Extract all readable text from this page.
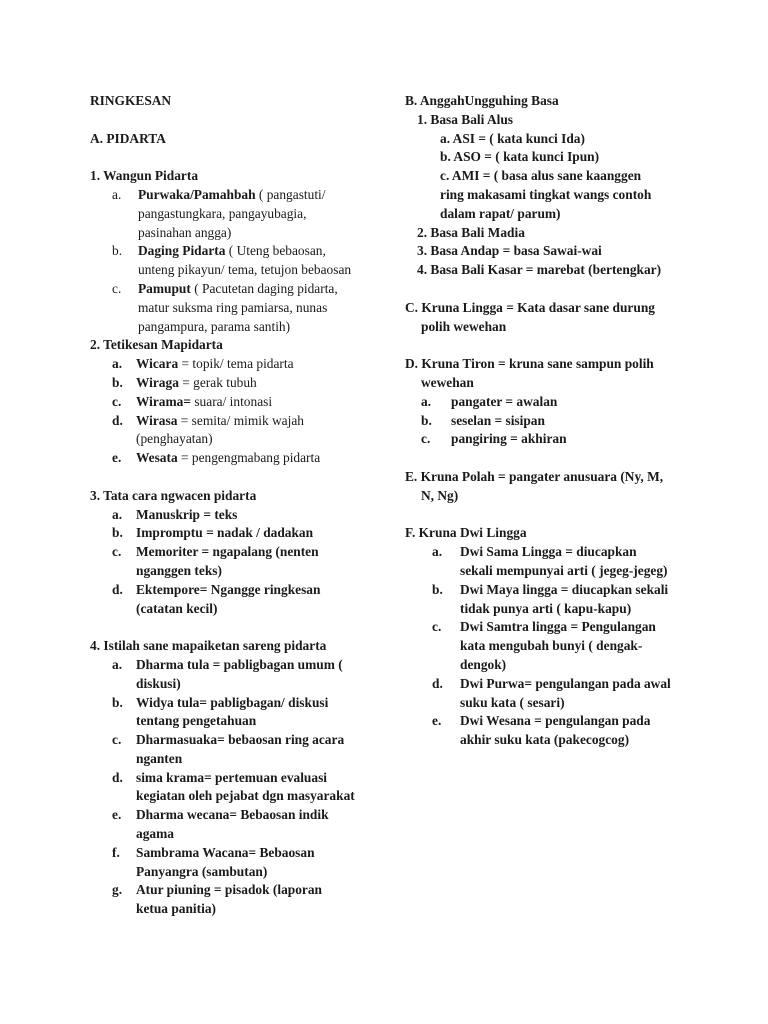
RINGKESAN
A. PIDARTA
1. Wangun Pidarta
a.	Purwaka/Pamahbah ( pangastuti/
pangastungkara, pangayubagia,
pasinahan angga)
b.	Daging Pidarta ( Uteng bebaosan,
unteng pikayun/ tema, tetujon bebaosan
c.	Pamuput ( Pacutetan daging pidarta,
matur suksma ring pamiarsa, nunas
pangampura, parama santih)
2. Tetikesan Mapidarta
a.	Wicara = topik/ tema pidarta
b. Wiraga = gerak tubuh
c.	Wirama= suara/ intonasi
d. Wirasa = semita/ mimik wajah
(penghayatan)
e.	Wesata = pengengmabang pidarta
3. Tata cara ngwacen pidarta
a.	Manuskrip = teks
b. Impromptu = nadak / dadakan
c.	Memoriter = ngapalang (nenten
nganggen teks)
d. Ektempore= Ngangge ringkesan
(catatan kecil)
4. Istilah sane mapaiketan sareng pidarta
a.	Dharma tula = pabligbagan umum (
diskusi)
b. Widya tula= pabligbagan/ diskusi
tentang pengetahuan
c.	Dharmasuaka= bebaosan ring acara
nganten
d. sima krama= pertemuan evaluasi
kegiatan oleh pejabat dgn masyarakat
e.	Dharma wecana= Bebaosan indik
agama
f.	Sambrama Wacana= Bebaosan
Panyangra (sambutan)
g.	Atur piuning = pisadok (laporan
ketua panitia)
B. AnggahUngguhing Basa
1. Basa Bali Alus
a. ASI = ( kata kunci Ida)
b. ASO = ( kata kunci Ipun)
c. AMI = ( basa alus sane kaanggen
ring makasami tingkat wangs contoh
dalam rapat/ parum)
2. Basa Bali Madia
3. Basa Andap = basa Sawai-wai
4. Basa Bali Kasar = marebat (bertengkar)
C. Kruna Lingga = Kata dasar sane durung
polih wewehan
D. Kruna Tiron = kruna sane sampun polih
wewehan
a.	pangater = awalan
b.	seselan = sisipan
c.	pangiring = akhiran
E. Kruna Polah = pangater anusuara (Ny, M,
N, Ng)
F. Kruna Dwi Lingga
a.	Dwi Sama Lingga = diucapkan
sekali mempunyai arti ( jegeg-jegeg)
b.	Dwi Maya lingga = diucapkan sekali
tidak punya arti ( kapu-kapu)
c.	Dwi Samtra lingga = Pengulangan
kata mengubah bunyi ( dengak-
dengok)
d.	Dwi Purwa= pengulangan pada awal
suku kata ( sesari)
e.	Dwi Wesana = pengulangan pada
akhir suku kata (pakecogcog)
